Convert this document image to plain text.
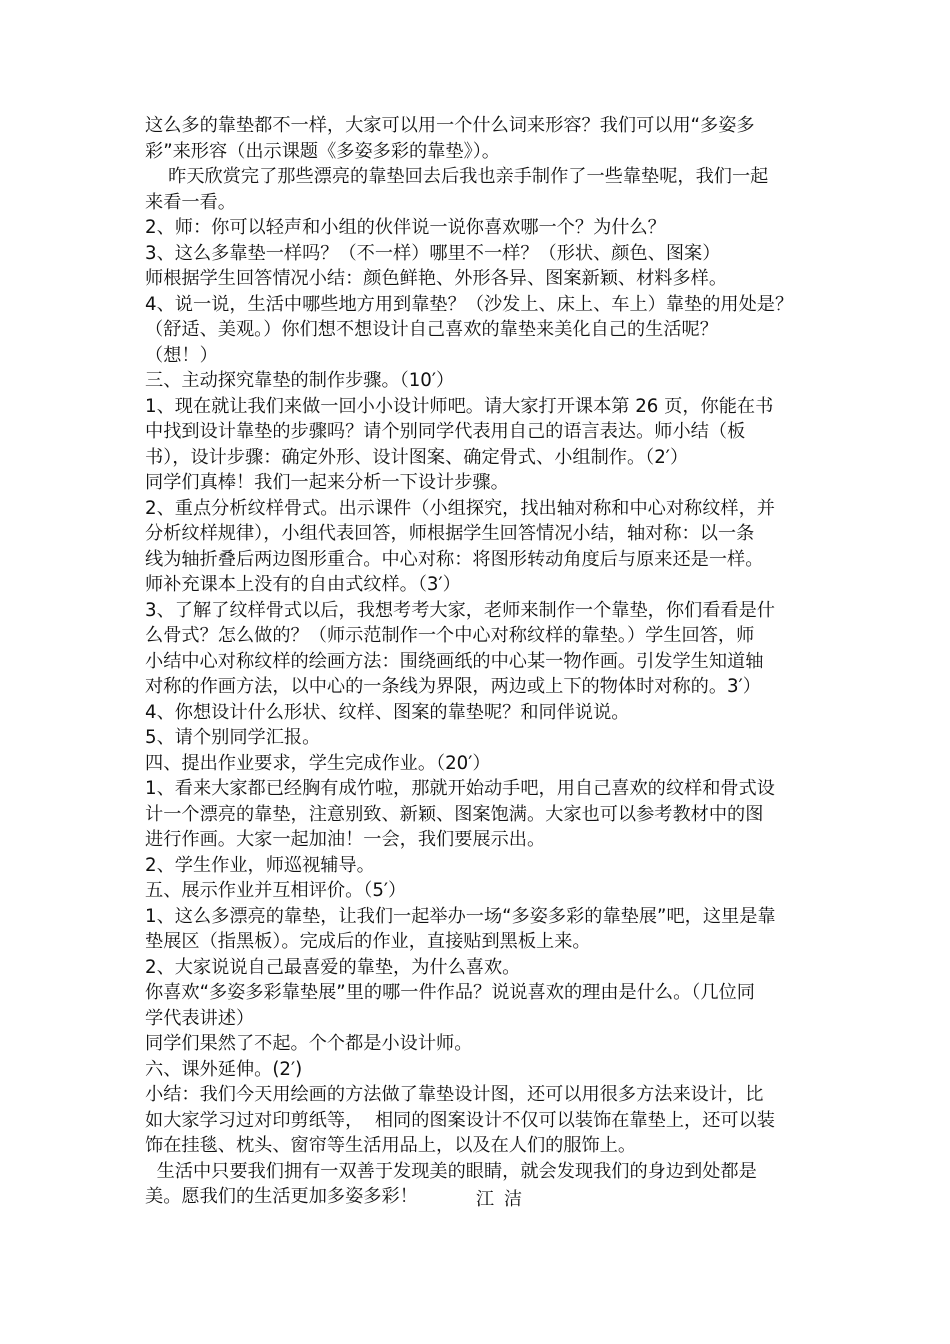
这么多的靠垫都不一样，大家可以用一个什么词来形容？我们可以用“多姿多
彩”来形容（出示课题《多姿多彩的靠垫》）。
昨天欣赏完了那些漂亮的靠垫回去后我也亲手制作了一些靠垫呢，我们一起
来看一看。
2、师：你可以轻声和小组的伙伴说一说你喜欢哪一个？为什么？
3、这么多靠垫一样吗？（不一样）哪里不一样？（形状、颜色、图案）
师根据学生回答情况小结：颜色鲜艳、外形各异、图案新颖、材料多样。
4、说一说，生活中哪些地方用到靠垫？（沙发上、床上、车上）靠垫的用处是？
（舒适、美观。）你们想不想设计自己喜欢的靠垫来美化自己的生活呢？
（想！）
三、主动探究靠垫的制作步骤。（10′）
1、现在就让我们来做一回小小设计师吧。请大家打开课本第 26 页，你能在书
中找到设计靠垫的步骤吗？请个别同学代表用自己的语言表达。师小结（板
书），设计步骤：确定外形、设计图案、确定骨式、小组制作。（2′）
同学们真棒！我们一起来分析一下设计步骤。
2、重点分析纹样骨式。出示课件（小组探究，找出轴对称和中心对称纹样，并
分析纹样规律），小组代表回答，师根据学生回答情况小结，轴对称：以一条
线为轴折叠后两边图形重合。中心对称：将图形转动角度后与原来还是一样。
师补充课本上没有的自由式纹样。（3′）
3、了解了纹样骨式以后，我想考考大家，老师来制作一个靠垫，你们看看是什
么骨式？怎么做的？（师示范制作一个中心对称纹样的靠垫。）学生回答，师
小结中心对称纹样的绘画方法：围绕画纸的中心某一物作画。引发学生知道轴
对称的作画方法，以中心的一条线为界限，两边或上下的物体时对称的。3′）
4、你想设计什么形状、纹样、图案的靠垫呢？和同伴说说。
5、请个别同学汇报。
四、提出作业要求，学生完成作业。（20′）
1、看来大家都已经胸有成竹啦，那就开始动手吧，用自己喜欢的纹样和骨式设
计一个漂亮的靠垫，注意别致、新颖、图案饱满。大家也可以参考教材中的图
进行作画。大家一起加油！一会，我们要展示出。
2、学生作业，师巡视辅导。
五、展示作业并互相评价。（5′）
1、这么多漂亮的靠垫，让我们一起举办一场“多姿多彩的靠垫展”吧，这里是靠
垫展区（指黑板）。完成后的作业，直接贴到黑板上来。
2、大家说说自己最喜爱的靠垫，为什么喜欢。
你喜欢“多姿多彩靠垫展”里的哪一件作品？说说喜欢的理由是什么。（几位同
学代表讲述）
同学们果然了不起。个个都是小设计师。
六、课外延伸。(2′)
小结：我们今天用绘画的方法做了靠垫设计图，还可以用很多方法来设计，比
如大家学习过对印剪纸等，  相同的图案设计不仅可以装饰在靠垫上，还可以装
饰在挂毯、枕头、窗帘等生活用品上，以及在人们的服饰上。
生活中只要我们拥有一双善于发现美的眼睛，就会发现我们的身边到处都是
美。愿我们的生活更加多姿多彩！	江 洁
